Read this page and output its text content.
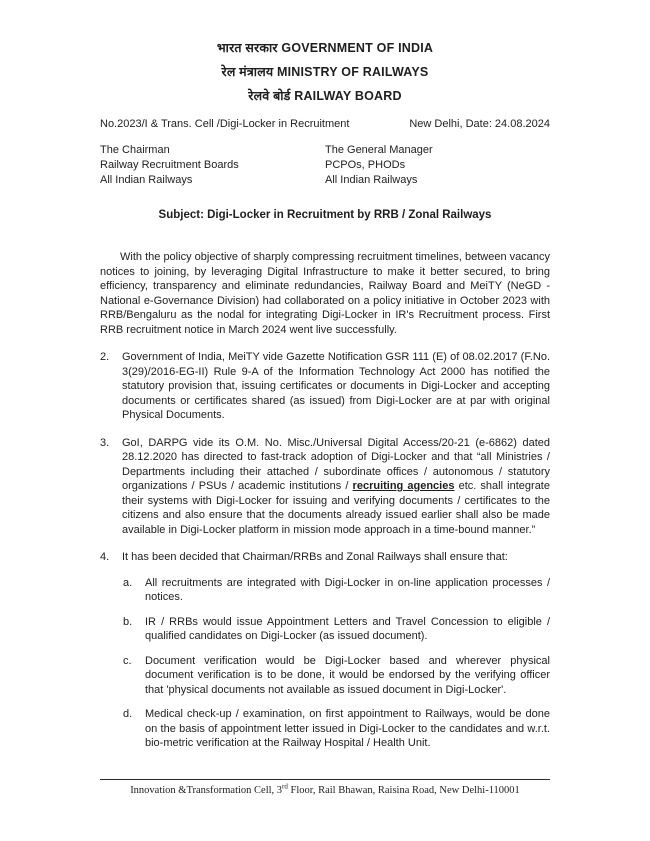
भारत सरकार GOVERNMENT OF INDIA
रेल मंत्रालय MINISTRY OF RAILWAYS
रेलवे बोर्ड RAILWAY BOARD
No.2023/I & Trans. Cell /Digi-Locker in Recruitment	New Delhi, Date: 24.08.2024
The Chairman
Railway Recruitment Boards
All Indian Railways
The General Manager
PCPOs, PHODs
All Indian Railways
Subject: Digi-Locker in Recruitment by RRB / Zonal Railways
With the policy objective of sharply compressing recruitment timelines, between vacancy notices to joining, by leveraging Digital Infrastructure to make it better secured, to bring efficiency, transparency and eliminate redundancies, Railway Board and MeiTY (NeGD - National e-Governance Division) had collaborated on a policy initiative in October 2023 with RRB/Bengaluru as the nodal for integrating Digi-Locker in IR's Recruitment process. First RRB recruitment notice in March 2024 went live successfully.
2.	Government of India, MeiTY vide Gazette Notification GSR 111 (E) of 08.02.2017 (F.No. 3(29)/2016-EG-II) Rule 9-A of the Information Technology Act 2000 has notified the statutory provision that, issuing certificates or documents in Digi-Locker and accepting documents or certificates shared (as issued) from Digi-Locker are at par with original Physical Documents.
3.	GoI, DARPG vide its O.M. No. Misc./Universal Digital Access/20-21 (e-6862) dated 28.12.2020 has directed to fast-track adoption of Digi-Locker and that “all Ministries / Departments including their attached / subordinate offices / autonomous / statutory organizations / PSUs / academic institutions / recruiting agencies etc. shall integrate their systems with Digi-Locker for issuing and verifying documents / certificates to the citizens and also ensure that the documents already issued earlier shall also be made available in Digi-Locker platform in mission mode approach in a time-bound manner.”
4.	It has been decided that Chairman/RRBs and Zonal Railways shall ensure that:
a.	All recruitments are integrated with Digi-Locker in on-line application processes / notices.
b.	IR / RRBs would issue Appointment Letters and Travel Concession to eligible / qualified candidates on Digi-Locker (as issued document).
c.	Document verification would be Digi-Locker based and wherever physical document verification is to be done, it would be endorsed by the verifying officer that 'physical documents not available as issued document in Digi-Locker'.
d.	Medical check-up / examination, on first appointment to Railways, would be done on the basis of appointment letter issued in Digi-Locker to the candidates and w.r.t. bio-metric verification at the Railway Hospital / Health Unit.
Innovation &Transformation Cell, 3rd Floor, Rail Bhawan, Raisina Road, New Delhi-110001
